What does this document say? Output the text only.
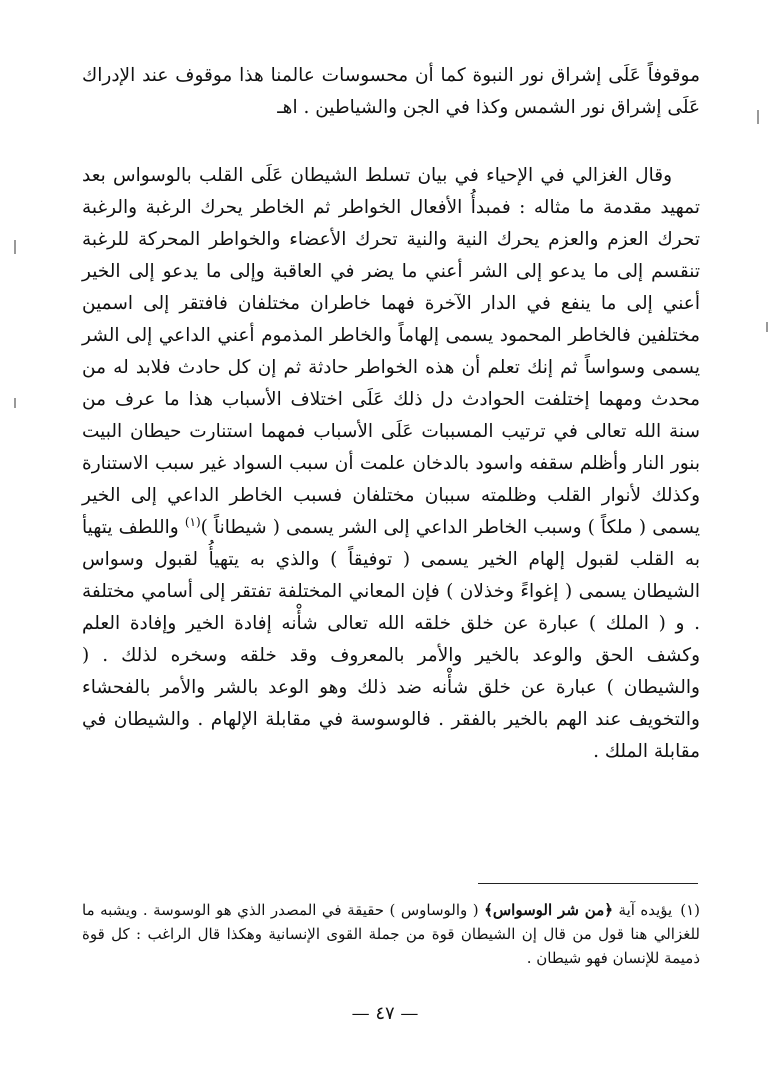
موقوفاً عَلَى إشراق نور النبوة كما أن محسوسات عالمنا هذا موقوف عند الإدراك عَلَى إشراق نور الشمس وكذا في الجن والشياطين . اهـ

وقال الغزالي في الإحياء في بيان تسلط الشيطان عَلَى القلب بالوسواس بعد تمهيد مقدمة ما مثاله : فمبدأُ الأفعال الخواطر ثم الخاطر يحرك الرغبة والرغبة تحرك العزم والعزم يحرك النية والنية تحرك الأعضاء والخواطر المحركة للرغبة تنقسم إلى ما يدعو إلى الشر أعني ما يضر في العاقبة وإلى ما يدعو إلى الخير أعني إلى ما ينفع في الدار الآخرة فهما خاطران مختلفان فافتقر إلى اسمين مختلفين فالخاطر المحمود يسمى إلهاماً والخاطر المذموم أعني الداعي إلى الشر يسمى وسواساً ثم إنك تعلم أن هذه الخواطر حادثة ثم إن كل حادث فلابد له من محدث ومهما إختلفت الحوادث دل ذلك عَلَى اختلاف الأسباب هذا ما عرف من سنة الله تعالى في ترتيب المسببات عَلَى الأسباب فمهما استنارت حيطان البيت بنور النار وأظلم سقفه واسود بالدخان علمت أن سبب السواد غير سبب الاستنارة وكذلك لأنوار القلب وظلمته سببان مختلفان فسبب الخاطر الداعي إلى الخير يسمى ( ملكاً ) وسبب الخاطر الداعي إلى الشر يسمى ( شيطاناً )$^{(١)}$ واللطف يتهيأ به القلب لقبول إلهام الخير يسمى ( توفيقاً ) والذي به يتهيأُ لقبول وسواس الشيطان يسمى ( إغواءً وخذلان ) فإن المعاني المختلفة تفتقر إلى أسامي مختلفة . و ( الملك ) عبارة عن خلق خلقه الله تعالى شأْنه إفادة الخير وإفادة العلم وكشف الحق والوعد بالخير والأمر بالمعروف وقد خلقه وسخره لذلك . ( والشيطان ) عبارة عن خلق شأْنه ضد ذلك وهو الوعد بالشر والأمر بالفحشاء والتخويف عند الهم بالخير بالفقر . فالوسوسة في مقابلة الإلهام . والشيطان في مقابلة الملك .

(١)يؤيده آية ﴿من شر الوسواس﴾ ( والوساوس ) حقيقة في المصدر الذي هو الوسوسة . ويشبه ما للغزالي هنا قول من قال إن الشيطان قوة من جملة القوى الإنسانية وهكذا قال الراغب : كل قوة ذميمة للإنسان فهو شيطان .

— ٤٧ —
